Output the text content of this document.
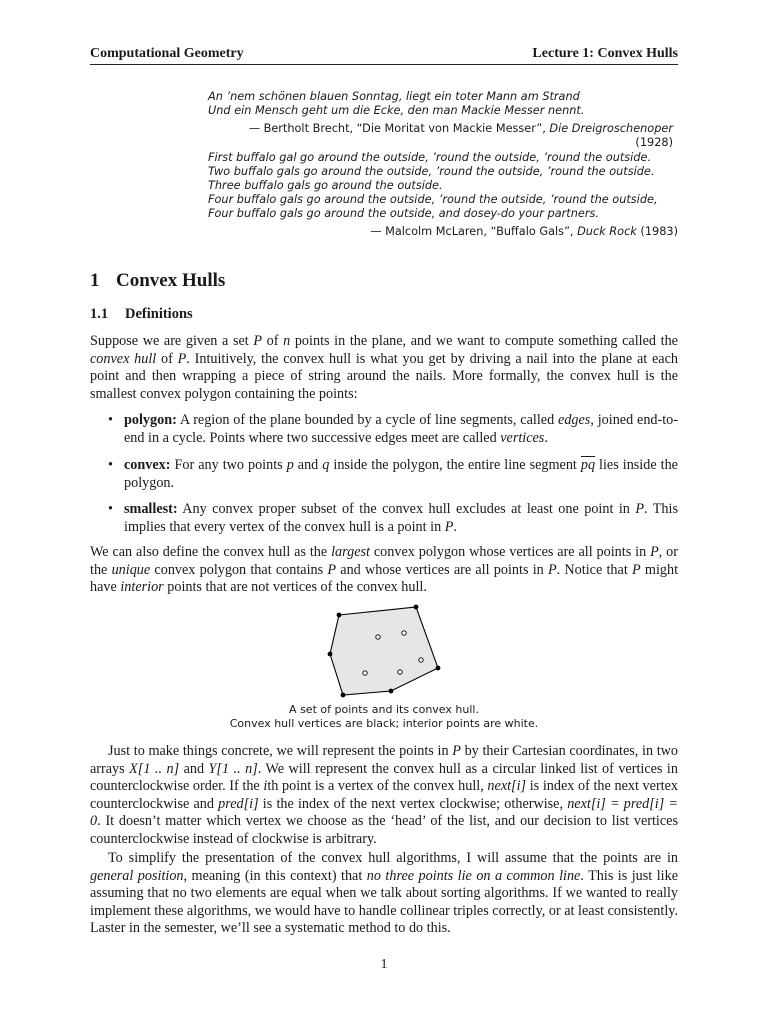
Computational Geometry	Lecture 1: Convex Hulls
An ’nem schönen blauen Sonntag, liegt ein toter Mann am Strand
Und ein Mensch geht um die Ecke, den man Mackie Messer nennt.
— Bertholt Brecht, “Die Moritat von Mackie Messer”, Die Dreigroschenoper (1928)
First buffalo gal go around the outside, ’round the outside, ’round the outside.
Two buffalo gals go around the outside, ’round the outside, ’round the outside.
Three buffalo gals go around the outside.
Four buffalo gals go around the outside, ’round the outside, ’round the outside,
Four buffalo gals go around the outside, and dosey-do your partners.
— Malcolm McLaren, “Buffalo Gals”, Duck Rock (1983)
1 Convex Hulls
1.1 Definitions
Suppose we are given a set P of n points in the plane, and we want to compute something called the convex hull of P. Intuitively, the convex hull is what you get by driving a nail into the plane at each point and then wrapping a piece of string around the nails. More formally, the convex hull is the smallest convex polygon containing the points:
• polygon: A region of the plane bounded by a cycle of line segments, called edges, joined end-to-end in a cycle. Points where two successive edges meet are called vertices.
• convex: For any two points p and q inside the polygon, the entire line segment $\overline{pq}$ lies inside the polygon.
• smallest: Any convex proper subset of the convex hull excludes at least one point in P. This implies that every vertex of the convex hull is a point in P.
We can also define the convex hull as the largest convex polygon whose vertices are all points in P, or the unique convex polygon that contains P and whose vertices are all points in P. Notice that P might have interior points that are not vertices of the convex hull.
A set of points and its convex hull.
Convex hull vertices are black; interior points are white.
Just to make things concrete, we will represent the points in P by their Cartesian coordinates, in two arrays X[1 .. n] and Y[1 .. n]. We will represent the convex hull as a circular linked list of vertices in counterclockwise order. If the ith point is a vertex of the convex hull, next[i] is index of the next vertex counterclockwise and pred[i] is the index of the next vertex clockwise; otherwise, next[i] = pred[i] = 0. It doesn’t matter which vertex we choose as the ‘head’ of the list, and our decision to list vertices counterclockwise instead of clockwise is arbitrary.
To simplify the presentation of the convex hull algorithms, I will assume that the points are in general position, meaning (in this context) that no three points lie on a common line. This is just like assuming that no two elements are equal when we talk about sorting algorithms. If we wanted to really implement these algorithms, we would have to handle collinear triples correctly, or at least consistently. Laster in the semester, we’ll see a systematic method to do this.
1
